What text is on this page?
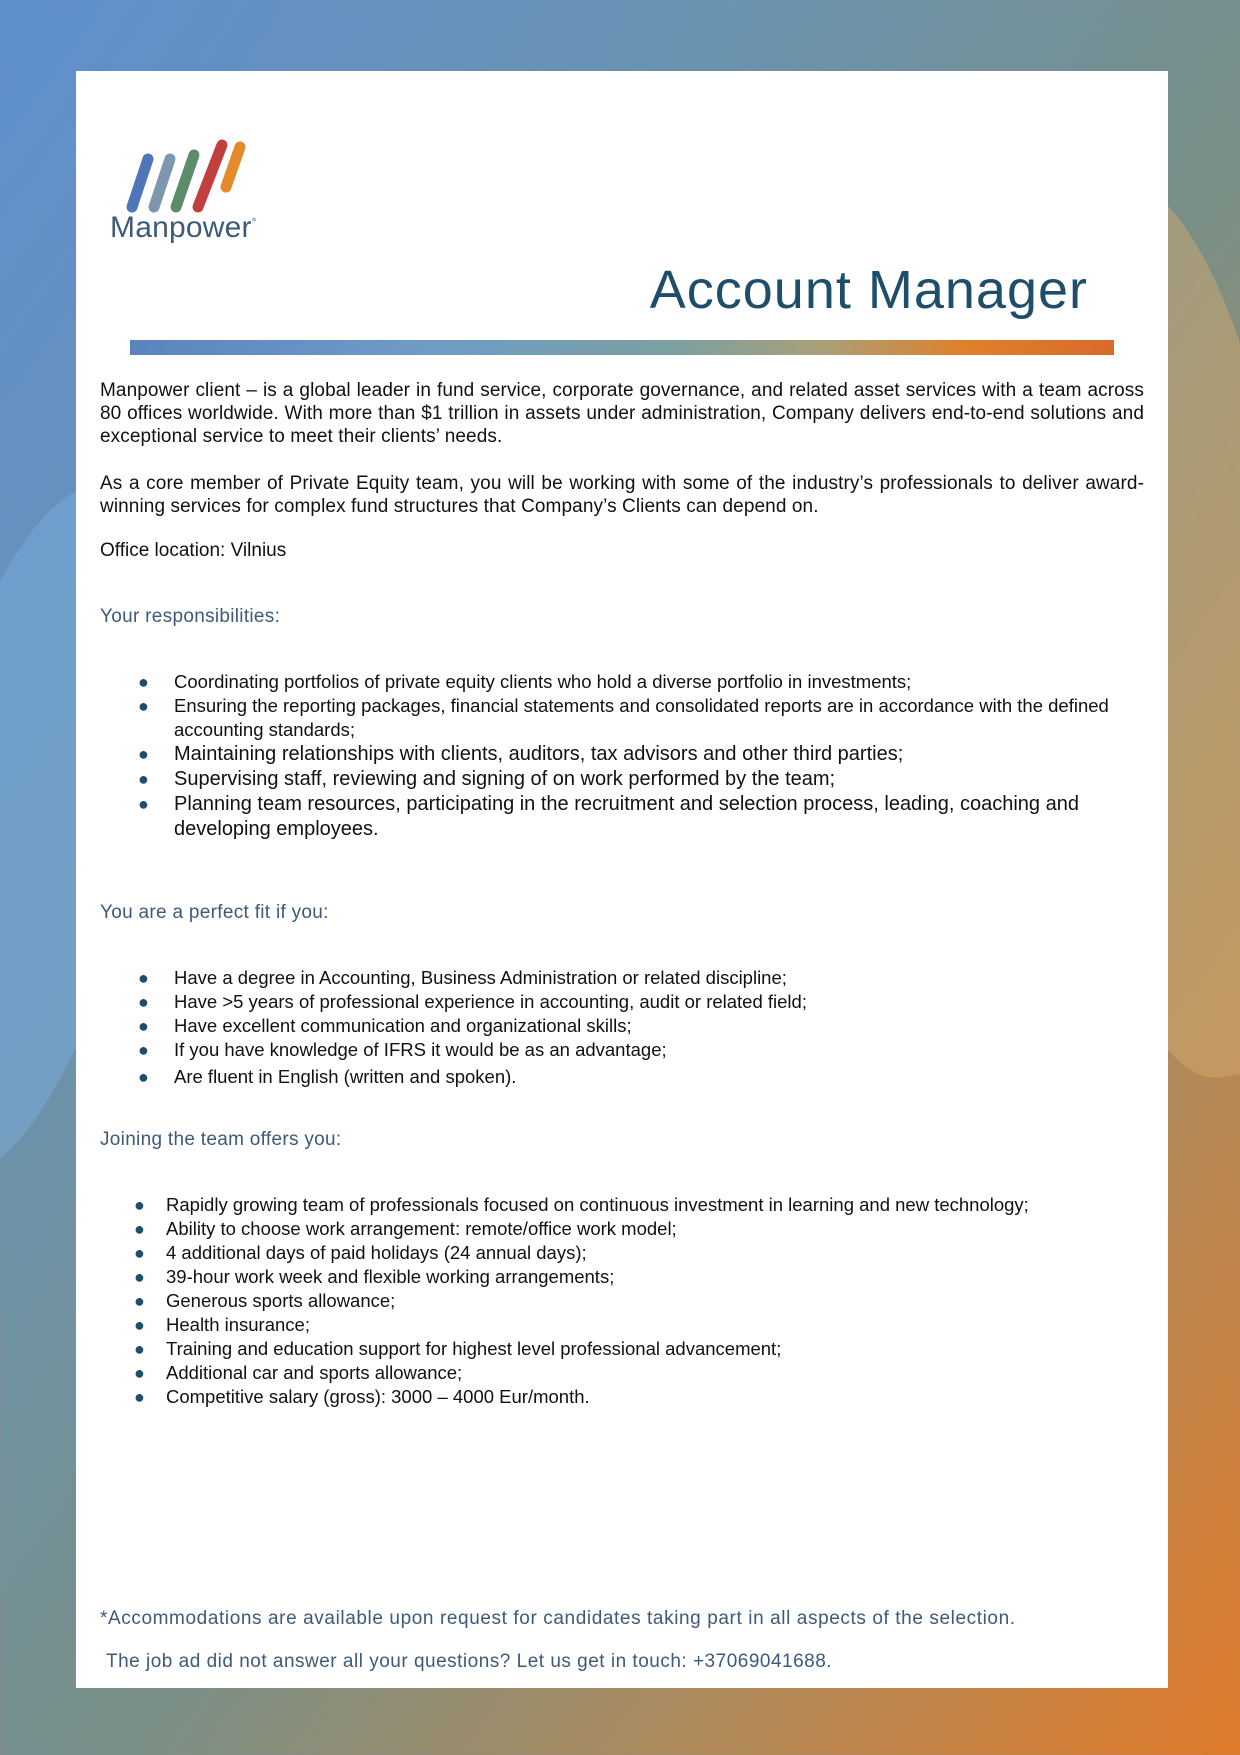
Manpower°
Account Manager

Manpower client – is a global leader in fund service, corporate governance, and related asset services with a team across 80 offices worldwide. With more than $1 trillion in assets under administration, Company delivers end-to-end solutions and exceptional service to meet their clients’ needs.

As a core member of Private Equity team, you will be working with some of the industry’s professionals to deliver award-winning services for complex fund structures that Company’s Clients can depend on.

Office location: Vilnius

Your responsibilities:
● Coordinating portfolios of private equity clients who hold a diverse portfolio in investments;
● Ensuring the reporting packages, financial statements and consolidated reports are in accordance with the defined accounting standards;
● Maintaining relationships with clients, auditors, tax advisors and other third parties;
● Supervising staff, reviewing and signing of on work performed by the team;
● Planning team resources, participating in the recruitment and selection process, leading, coaching and developing employees.
You are a perfect fit if you:
● Have a degree in Accounting, Business Administration or related discipline;
● Have >5 years of professional experience in accounting, audit or related field;
● Have excellent communication and organizational skills;
● If you have knowledge of IFRS it would be as an advantage;
● Are fluent in English (written and spoken).
Joining the team offers you:
● Rapidly growing team of professionals focused on continuous investment in learning and new technology;
● Ability to choose work arrangement: remote/office work model;
● 4 additional days of paid holidays (24 annual days);
● 39-hour work week and flexible working arrangements;
● Generous sports allowance;
● Health insurance;
● Training and education support for highest level professional advancement;
● Additional car and sports allowance;
● Competitive salary (gross): 3000 – 4000 Eur/month.
*Accommodations are available upon request for candidates taking part in all aspects of the selection.
The job ad did not answer all your questions? Let us get in touch: +37069041688.
